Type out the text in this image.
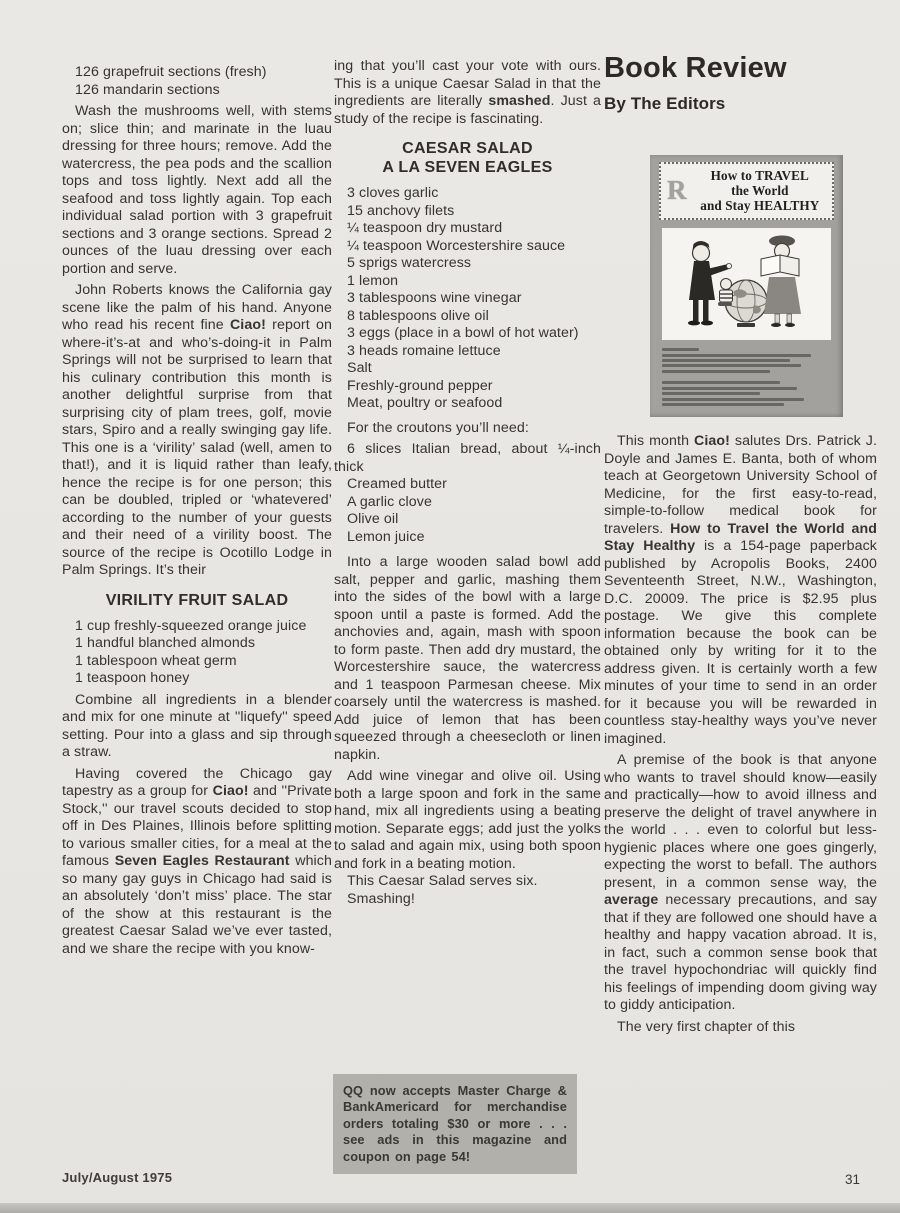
126 grapefruit sections (fresh)
126 mandarin sections

Wash the mushrooms well, with stems on; slice thin; and marinate in the luau dressing for three hours; remove. Add the watercress, the pea pods and the scallion tops and toss lightly. Next add all the seafood and toss lightly again. Top each individual salad portion with 3 grapefruit sections and 3 orange sections. Spread 2 ounces of the luau dressing over each portion and serve.

John Roberts knows the California gay scene like the palm of his hand. Anyone who read his recent fine Ciao! report on where-it’s-at and who’s-doing-it in Palm Springs will not be surprised to learn that his culinary contribution this month is another delightful surprise from that surprising city of plam trees, golf, movie stars, Spiro and a really swinging gay life. This one is a ‘virility’ salad (well, amen to that!), and it is liquid rather than leafy, hence the recipe is for one person; this can be doubled, tripled or ‘whatevered’ according to the number of your guests and their need of a virility boost. The source of the recipe is Ocotillo Lodge in Palm Springs. It’s their

VIRILITY FRUIT SALAD
1 cup freshly-squeezed orange juice
1 handful blanched almonds
1 tablespoon wheat germ
1 teaspoon honey

Combine all ingredients in a blender and mix for one minute at ''liquefy'' speed setting. Pour into a glass and sip through a straw.

Having covered the Chicago gay tapestry as a group for Ciao! and ''Private Stock,'' our travel scouts decided to stop off in Des Plaines, Illinois before splitting to various smaller cities, for a meal at the famous Seven Eagles Restaurant which so many gay guys in Chicago had said is an absolutely ‘don’t miss’ place. The star of the show at this restaurant is the greatest Caesar Salad we’ve ever tasted, and we share the recipe with you know-

ing that you’ll cast your vote with ours. This is a unique Caesar Salad in that the ingredients are literally smashed. Just a study of the recipe is fascinating.

CAESAR SALAD
A LA SEVEN EAGLES
3 cloves garlic
15 anchovy filets
¼ teaspoon dry mustard
¼ teaspoon Worcestershire sauce
5 sprigs watercress
1 lemon
3 tablespoons wine vinegar
8 tablespoons olive oil
3 eggs (place in a bowl of hot water)
3 heads romaine lettuce
Salt
Freshly-ground pepper
Meat, poultry or seafood

For the croutons you’ll need:

6 slices Italian bread, about ¼-inch thick
Creamed butter
A garlic clove
Olive oil
Lemon juice

Into a large wooden salad bowl add salt, pepper and garlic, mashing them into the sides of the bowl with a large spoon until a paste is formed. Add the anchovies and, again, mash with spoon to form paste. Then add dry mustard, the Worcestershire sauce, the watercress and 1 teaspoon Parmesan cheese. Mix coarsely until the watercress is mashed. Add juice of lemon that has been squeezed through a cheesecloth or linen napkin.

Add wine vinegar and olive oil. Using both a large spoon and fork in the same hand, mix all ingredients using a beating motion. Separate eggs; add just the yolks to salad and again mix, using both spoon and fork in a beating motion.

This Caesar Salad serves six.
Smashing!
Book Review
By The Editors
R	How to TRAVEL
the World
and Stay HEALTHY

This month Ciao! salutes Drs. Patrick J. Doyle and James E. Banta, both of whom teach at Georgetown University School of Medicine, for the first easy-to-read, simple-to-follow medical book for travelers. How to Travel the World and Stay Healthy is a 154-page paperback published by Acropolis Books, 2400 Seventeenth Street, N.W., Washington, D.C. 20009. The price is $2.95 plus postage. We give this complete information because the book can be obtained only by writing for it to the address given. It is certainly worth a few minutes of your time to send in an order for it because you will be rewarded in countless stay-healthy ways you’ve never imagined.

A premise of the book is that anyone who wants to travel should know—easily and practically—how to avoid illness and preserve the delight of travel anywhere in the world . . . even to colorful but less-hygienic places where one goes gingerly, expecting the worst to befall. The authors present, in a common sense way, the average necessary precautions, and say that if they are followed one should have a healthy and happy vacation abroad. It is, in fact, such a common sense book that the travel hypochondriac will quickly find his feelings of impending doom giving way to giddy anticipation.

The very first chapter of this

QQ now accepts Master Charge & BankAmericard for merchandise orders totaling $30 or more . . . see ads in this magazine and coupon on page 54!
July/August 1975	31
